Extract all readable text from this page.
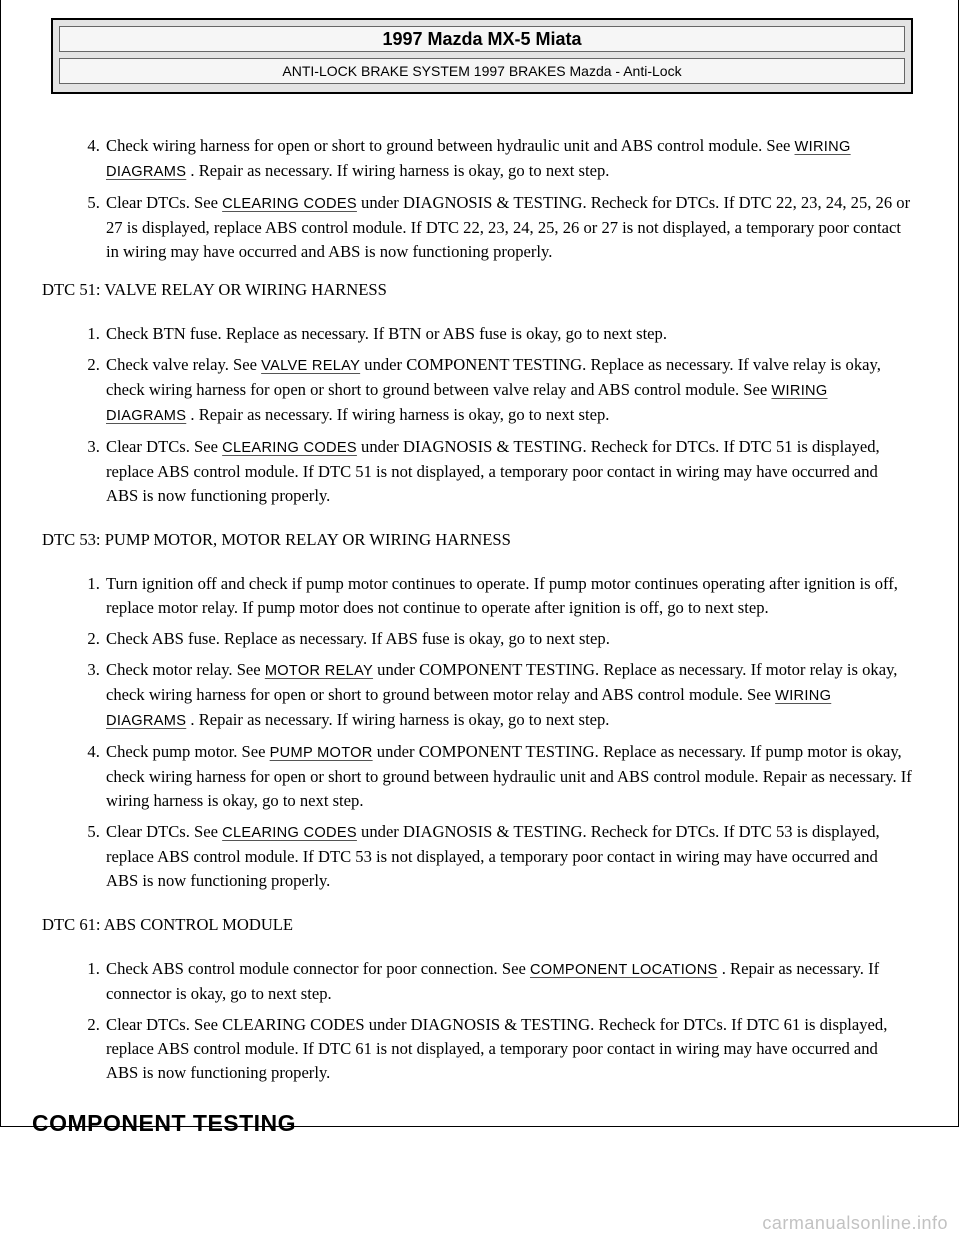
1997 Mazda MX-5 Miata
ANTI-LOCK BRAKE SYSTEM 1997 BRAKES Mazda - Anti-Lock
4. Check wiring harness for open or short to ground between hydraulic unit and ABS control module. See WIRING DIAGRAMS . Repair as necessary. If wiring harness is okay, go to next step.
5. Clear DTCs. See CLEARING CODES under DIAGNOSIS & TESTING. Recheck for DTCs. If DTC 22, 23, 24, 25, 26 or 27 is displayed, replace ABS control module. If DTC 22, 23, 24, 25, 26 or 27 is not displayed, a temporary poor contact in wiring may have occurred and ABS is now functioning properly.
DTC 51: VALVE RELAY OR WIRING HARNESS
1. Check BTN fuse. Replace as necessary. If BTN or ABS fuse is okay, go to next step.
2. Check valve relay. See VALVE RELAY under COMPONENT TESTING. Replace as necessary. If valve relay is okay, check wiring harness for open or short to ground between valve relay and ABS control module. See WIRING DIAGRAMS . Repair as necessary. If wiring harness is okay, go to next step.
3. Clear DTCs. See CLEARING CODES under DIAGNOSIS & TESTING. Recheck for DTCs. If DTC 51 is displayed, replace ABS control module. If DTC 51 is not displayed, a temporary poor contact in wiring may have occurred and ABS is now functioning properly.
DTC 53: PUMP MOTOR, MOTOR RELAY OR WIRING HARNESS
1. Turn ignition off and check if pump motor continues to operate. If pump motor continues operating after ignition is off, replace motor relay. If pump motor does not continue to operate after ignition is off, go to next step.
2. Check ABS fuse. Replace as necessary. If ABS fuse is okay, go to next step.
3. Check motor relay. See MOTOR RELAY under COMPONENT TESTING. Replace as necessary. If motor relay is okay, check wiring harness for open or short to ground between motor relay and ABS control module. See WIRING DIAGRAMS . Repair as necessary. If wiring harness is okay, go to next step.
4. Check pump motor. See PUMP MOTOR under COMPONENT TESTING. Replace as necessary. If pump motor is okay, check wiring harness for open or short to ground between hydraulic unit and ABS control module. Repair as necessary. If wiring harness is okay, go to next step.
5. Clear DTCs. See CLEARING CODES under DIAGNOSIS & TESTING. Recheck for DTCs. If DTC 53 is displayed, replace ABS control module. If DTC 53 is not displayed, a temporary poor contact in wiring may have occurred and ABS is now functioning properly.
DTC 61: ABS CONTROL MODULE
1. Check ABS control module connector for poor connection. See COMPONENT LOCATIONS . Repair as necessary. If connector is okay, go to next step.
2. Clear DTCs. See CLEARING CODES under DIAGNOSIS & TESTING. Recheck for DTCs. If DTC 61 is displayed, replace ABS control module. If DTC 61 is not displayed, a temporary poor contact in wiring may have occurred and ABS is now functioning properly.
COMPONENT TESTING
carmanualsonline.info
